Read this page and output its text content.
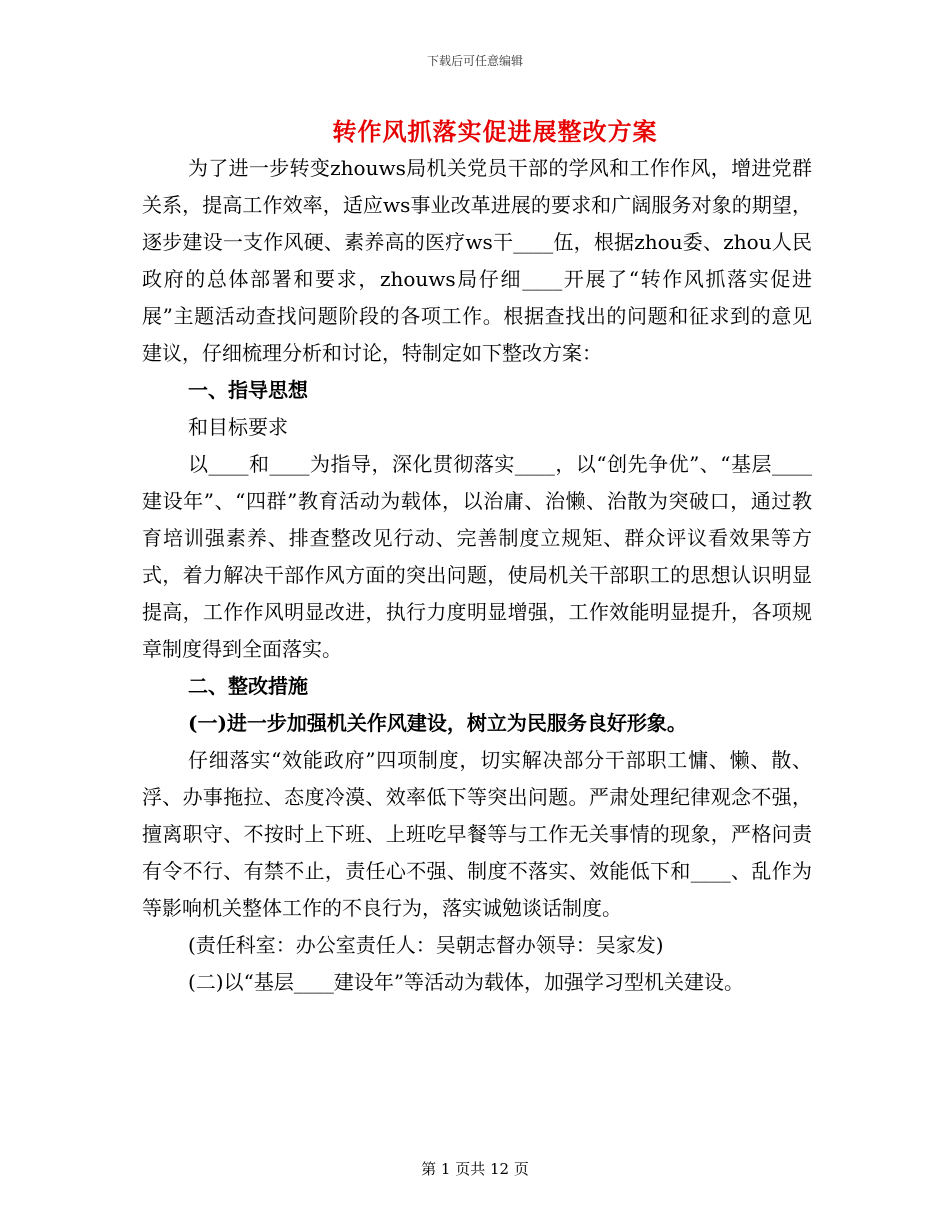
下载后可任意编辑
转作风抓落实促进展整改方案

为了进一步转变zhouws局机关党员干部的学风和工作作风，增进党群关系，提高工作效率，适应ws事业改革进展的要求和广阔服务对象的期望，逐步建设一支作风硬、素养高的医疗ws干____伍，根据zhou委、zhou人民政府的总体部署和要求，zhouws局仔细____开展了“转作风抓落实促进展”主题活动查找问题阶段的各项工作。根据查找出的问题和征求到的意见建议，仔细梳理分析和讨论，特制定如下整改方案：

一、指导思想

和目标要求

以____和____为指导，深化贯彻落实____，以“创先争优”、“基层____建设年”、“四群”教育活动为载体，以治庸、治懒、治散为突破口，通过教育培训强素养、排查整改见行动、完善制度立规矩、群众评议看效果等方式，着力解决干部作风方面的突出问题，使局机关干部职工的思想认识明显提高，工作作风明显改进，执行力度明显增强，工作效能明显提升，各项规章制度得到全面落实。

二、整改措施

(一)进一步加强机关作风建设，树立为民服务良好形象。

仔细落实“效能政府”四项制度，切实解决部分干部职工慵、懒、散、浮、办事拖拉、态度冷漠、效率低下等突出问题。严肃处理纪律观念不强，擅离职守、不按时上下班、上班吃早餐等与工作无关事情的现象，严格问责有令不行、有禁不止，责任心不强、制度不落实、效能低下和____、乱作为等影响机关整体工作的不良行为，落实诚勉谈话制度。

(责任科室：办公室责任人：吴朝志督办领导：吴家发)

(二)以“基层____建设年”等活动为载体，加强学习型机关建设。

第 1 页共 12 页
